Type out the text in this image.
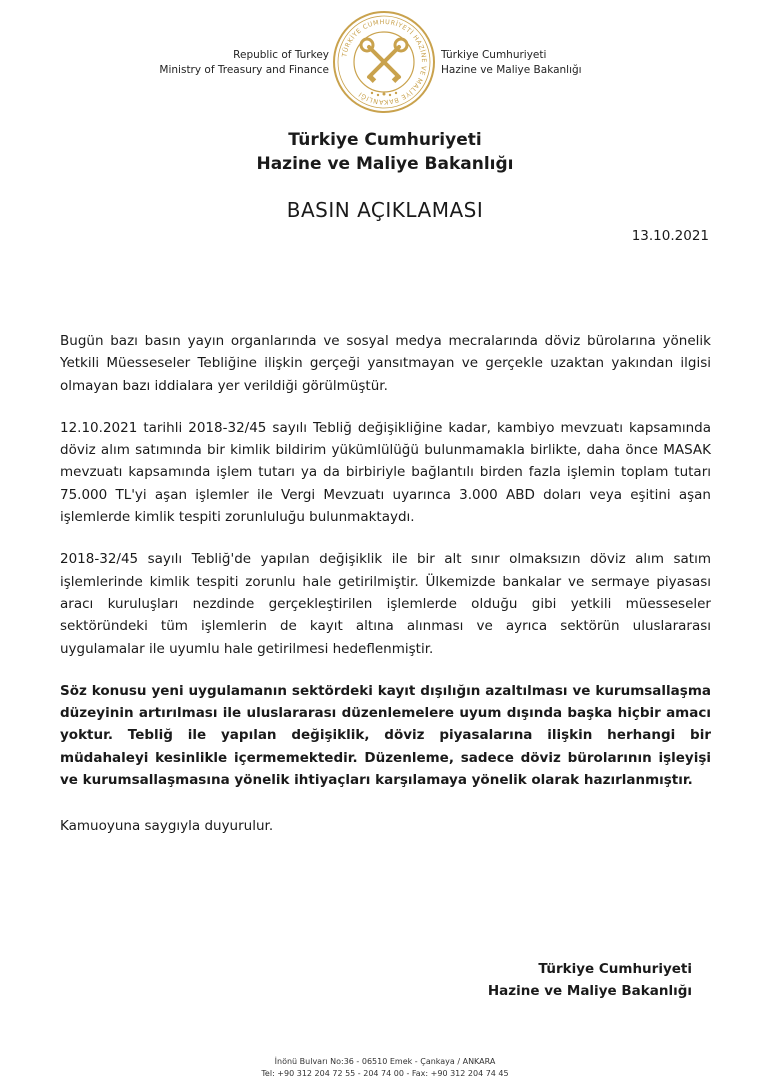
Republic of Turkey
Ministry of Treasury and Finance
TÜRKİYE CUMHURİYETİ HAZİNE VE MALİYE BAKANLIĞI
Türkiye Cumhuriyeti
Hazine ve Maliye Bakanlığı
Türkiye Cumhuriyeti
Hazine ve Maliye Bakanlığı
BASIN AÇIKLAMASI
13.10.2021

Bugün bazı basın yayın organlarında ve sosyal medya mecralarında döviz bürolarına yönelik Yetkili Müesseseler Tebliğine ilişkin gerçeği yansıtmayan ve gerçekle uzaktan yakından ilgisi olmayan bazı iddialara yer verildiği görülmüştür.

12.10.2021 tarihli 2018-32/45 sayılı Tebliğ değişikliğine kadar, kambiyo mevzuatı kapsamında döviz alım satımında bir kimlik bildirim yükümlülüğü bulunmamakla birlikte, daha önce MASAK mevzuatı kapsamında işlem tutarı ya da birbiriyle bağlantılı birden fazla işlemin toplam tutarı 75.000 TL'yi aşan işlemler ile Vergi Mevzuatı uyarınca 3.000 ABD doları veya eşitini aşan işlemlerde kimlik tespiti zorunluluğu bulunmaktaydı.

2018-32/45 sayılı Tebliğ'de yapılan değişiklik ile bir alt sınır olmaksızın döviz alım satım işlemlerinde kimlik tespiti zorunlu hale getirilmiştir. Ülkemizde bankalar ve sermaye piyasası aracı kuruluşları nezdinde gerçekleştirilen işlemlerde olduğu gibi yetkili müesseseler sektöründeki tüm işlemlerin de kayıt altına alınması ve ayrıca sektörün uluslararası uygulamalar ile uyumlu hale getirilmesi hedeflenmiştir.

Söz konusu yeni uygulamanın sektördeki kayıt dışılığın azaltılması ve kurumsallaşma düzeyinin artırılması ile uluslararası düzenlemelere uyum dışında başka hiçbir amacı yoktur. Tebliğ ile yapılan değişiklik, döviz piyasalarına ilişkin herhangi bir müdahaleyi kesinlikle içermemektedir. Düzenleme, sadece döviz bürolarının işleyişi ve kurumsallaşmasına yönelik ihtiyaçları karşılamaya yönelik olarak hazırlanmıştır.

Kamuoyuna saygıyla duyurulur.
Türkiye Cumhuriyeti
Hazine ve Maliye Bakanlığı
İnönü Bulvarı No:36 - 06510 Emek - Çankaya / ANKARA
Tel: +90 312 204 72 55 - 204 74 00 - Fax: +90 312 204 74 45
